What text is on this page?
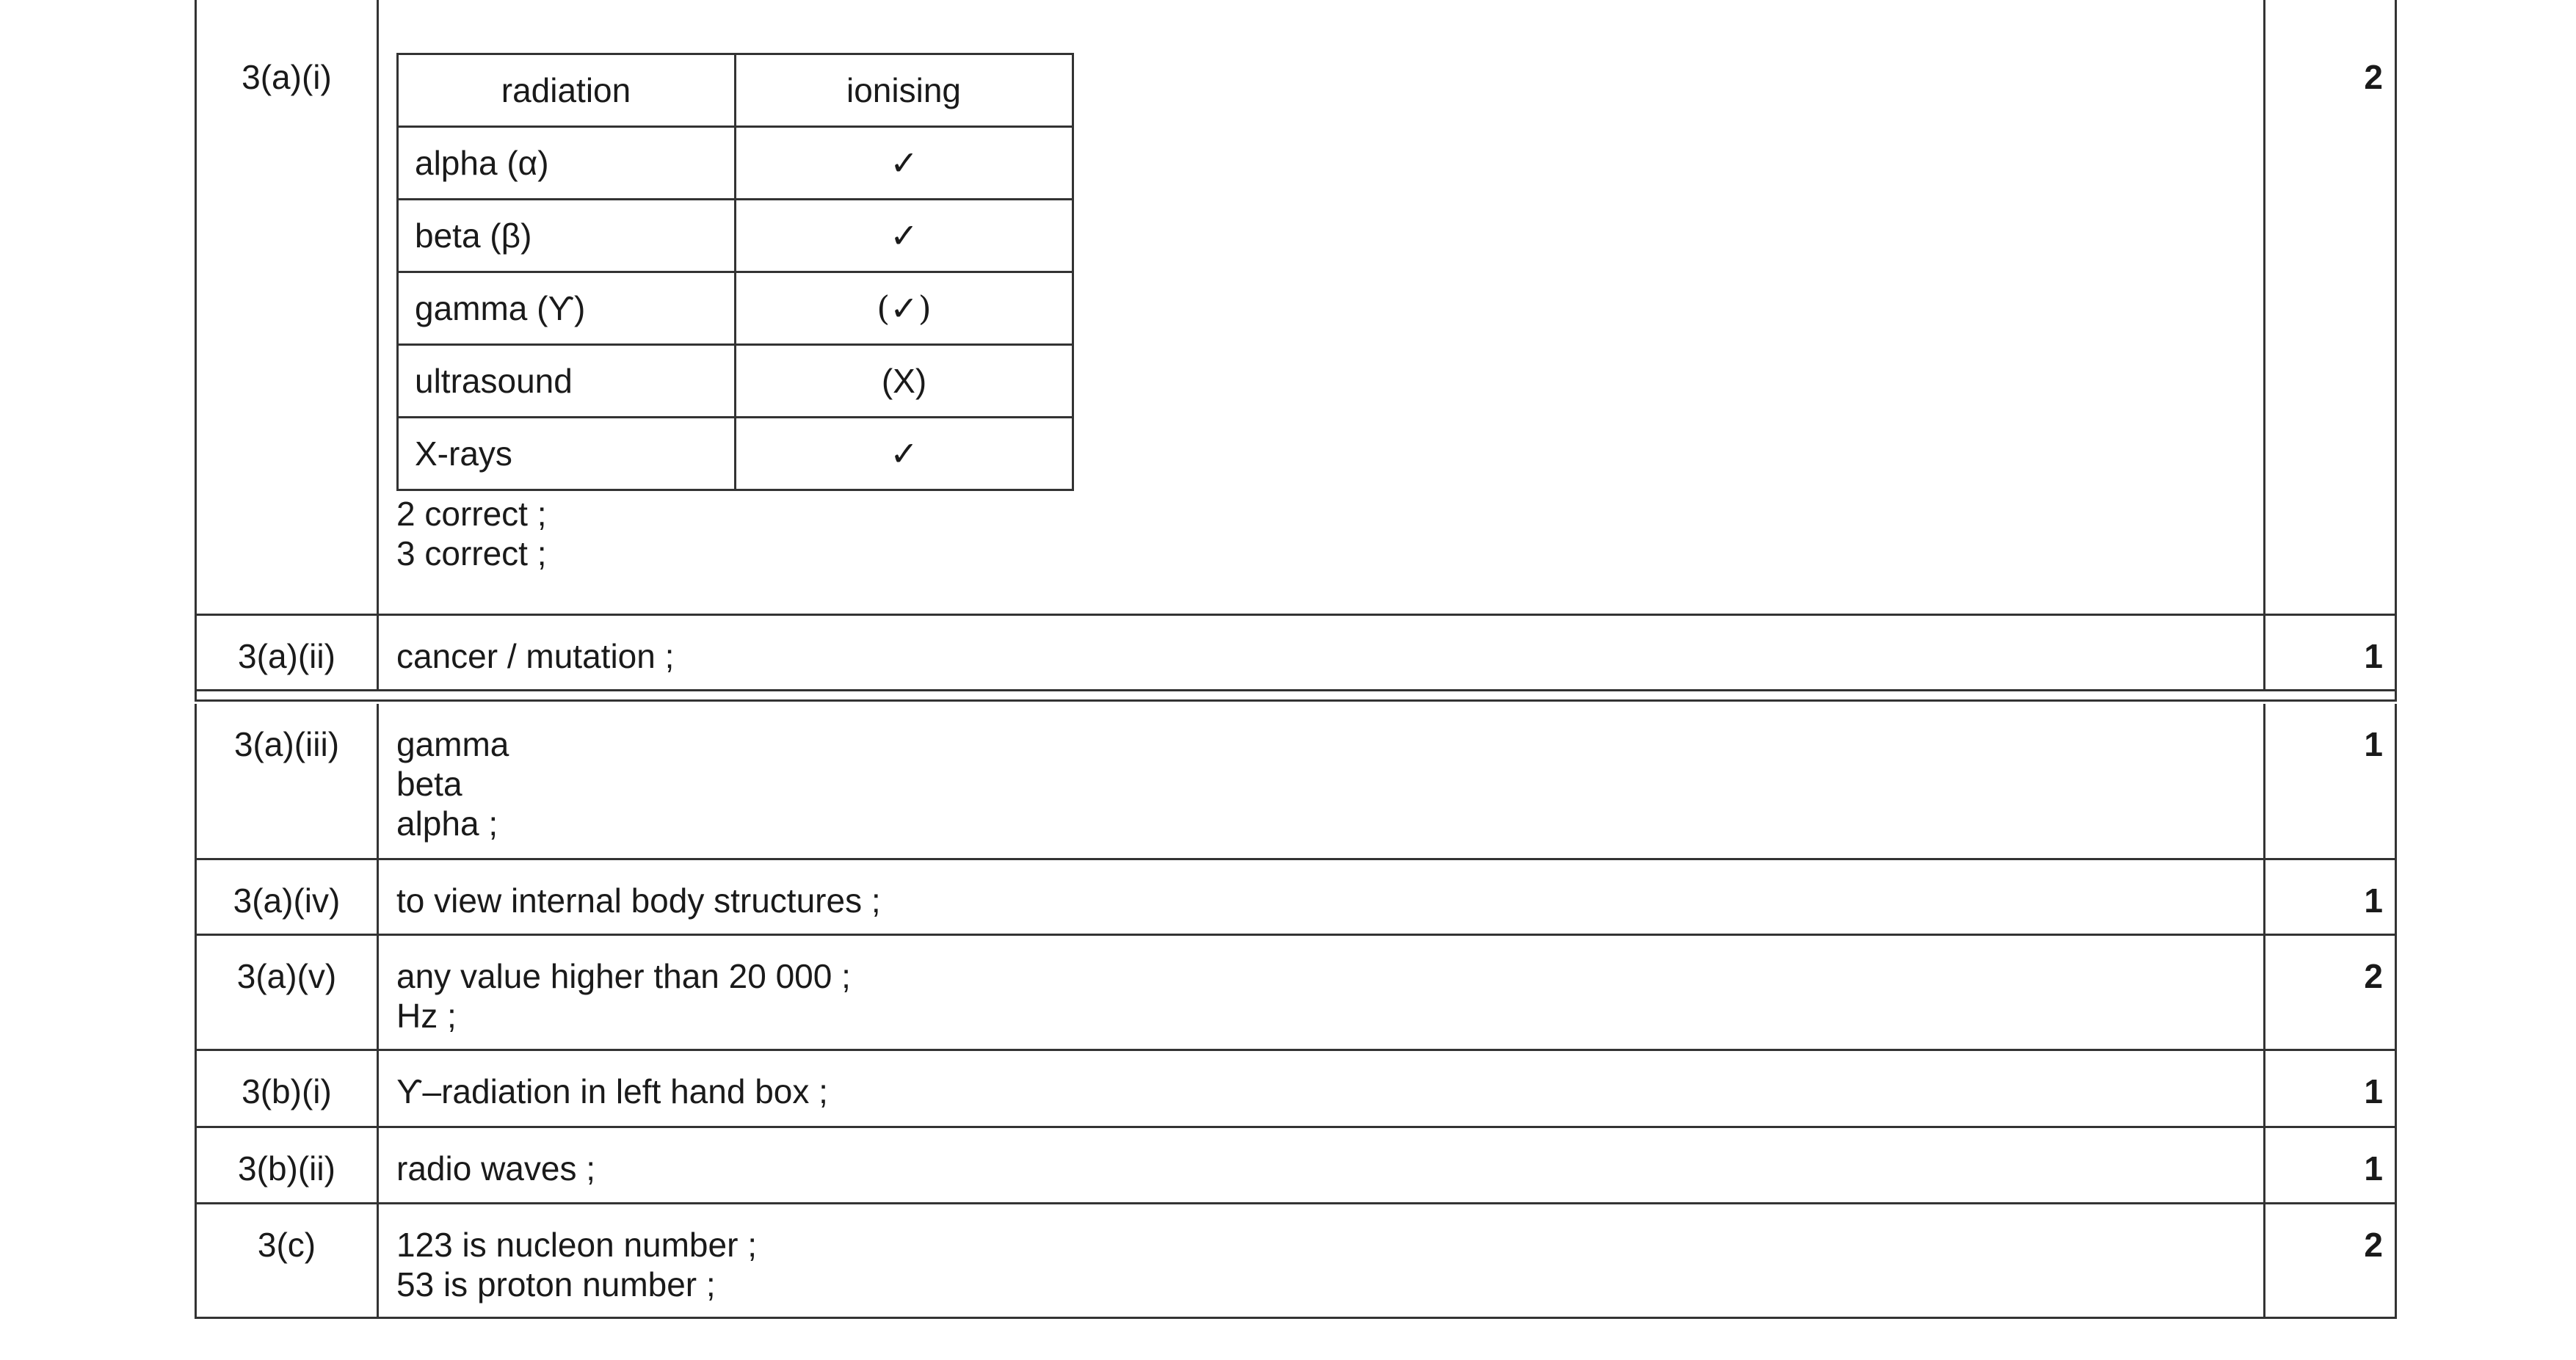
3(a)(i)	radiation	ionising
alpha (α)	✓
beta (β)	✓
gamma (ϒ)	(✓)
ultrasound	(X)
X-rays	✓
2 correct ;
3 correct ;
2
3(a)(ii)	cancer / mutation ;	1
3(a)(iii)	gamma
beta
alpha ;
1
3(a)(iv)	to view internal body structures ;	1
3(a)(v)	any value higher than 20 000 ;
Hz ;
2
3(b)(i)	ϒ–radiation in left hand box ;	1
3(b)(ii)	radio waves ;	1
3(c)	123 is nucleon number ;
53 is proton number ;
2
